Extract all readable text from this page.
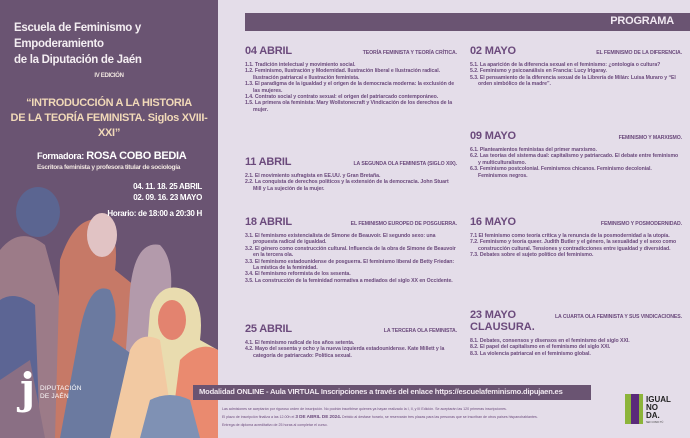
Escuela de Feminismo y Empoderamiento
de la Diputación de Jaén
IV EDICIÓN
“INTRODUCCIÓN A LA HISTORIA
DE LA TEORÍA FEMINISTA. Siglos XVIII-XXI”
Formadora: ROSA COBO BEDIA
Escritora feminista y profesora titular de sociología
04. 11. 18. 25 ABRIL
02. 09. 16. 23 MAYO
Horario: de 18:00 a 20:30 H
j DIPUTACIÓN
DE JAÉN
PROGRAMA
04 ABRIL	TEORÍA FEMINISTA Y TEORÍA CRÍTICA.
1.1. Tradición intelectual y movimiento social.
1.2. Feminismo, Ilustración y Modernidad. Ilustración liberal e Ilustración radical. Ilustración patriarcal e Ilustración feminista.
1.3. El paradigma de la igualdad y el origen de la democracia moderna: la exclusión de las mujeres.
1.4. Contrato social y contrato sexual: el origen del patriarcado contemporáneo.
1.5. La primera ola feminista: Mary Wollstonecraft y Vindicación de los derechos de la mujer.
11 ABRIL	LA SEGUNDA OLA FEMINISTA (SIGLO XIX).
2.1. El movimiento sufragista en EE.UU. y Gran Bretaña.
2.2. La conquista de derechos políticos y la extensión de la democracia. John Stuart Mill y La sujeción de la mujer.
18 ABRIL	EL FEMINISMO EUROPEO DE POSGUERRA.
3.1. El feminismo existencialista de Simone de Beauvoir. El segundo sexo: una propuesta radical de igualdad.
3.2. El género como construcción cultural. Influencia de la obra de Simone de Beauvoir en la tercera ola.
3.3. El feminismo estadounidense de posguerra. El feminismo liberal de Betty Friedan: La mística de la feminidad.
3.4. El feminismo reformista de los sesenta.
3.5. La construcción de la feminidad normativa a mediados del siglo XX en Occidente.
25 ABRIL	LA TERCERA OLA FEMINISTA.
4.1. El feminismo radical de los años setenta.
4.2. Mayo del sesenta y ocho y la nueva izquierda estadounidense. Kate Millett y la categoría de patriarcado: Política sexual.
02 MAYO	EL FEMINISMO DE LA DIFERENCIA.
5.1. La aparición de la diferencia sexual en el feminismo: ¿ontología o cultura?
5.2. Feminismo y psicoanálisis en Francia: Lucy Irigaray.
5.3. El pensamiento de la diferencia sexual de la Librería de Milán: Luisa Muraro y “El orden simbólico de la madre”.
09 MAYO	FEMINISMO Y MARXISMO.
6.1. Planteamientos feministas del primer marxismo.
6.2. Las teorías del sistema dual: capitalismo y patriarcado. El debate entre feminismo y multiculturalismo.
6.3. Feminismo postcolonial. Feminismos chicanos. Feminismo decolonial. Feminismos negros.
16 MAYO	FEMINISMO Y POSMODERNIDAD.
7.1 El feminismo como teoría crítica y la renuncia de la posmodernidad a la utopía.
7.2. Feminismo y teoría queer. Judith Butler y el género, la sexualidad y el sexo como construcción cultural. Tensiones y contradicciones entre igualdad y diversidad.
7.3. Debates sobre el sujeto político del feminismo.
23 MAYO	LA CUARTA OLA FEMINISTA Y SUS VINDICACIONES.
CLAUSURA.
8.1. Debates, consensos y disensos en el feminismo del siglo XXI.
8.2. El papel del capitalismo en el feminismo del siglo XXI.
8.3. La violencia patriarcal en el feminismo global.
Modalidad ONLINE - Aula VIRTUAL Inscripciones a través del enlace https://escuelafeminismo.dipujaen.es
Las admisiones se aceptarán por riguroso orden de inscripción. No podrán inscribirse quienes ya hayan realizado la I, II, y III Edición. Se aceptarán las 120 primeras inscripciones.
El plazo de inscripción finaliza a las 12.00h el 3 DE ABRIL DE 2024. Debido al desfase horario, se reservarán tres plazas para las personas que se inscriban de otros países hispanohablantes.
Entrega de diploma acreditativo de 25 horas al completar el curso.
IGUAL
NO
DA.
SEF COMO TÚ
